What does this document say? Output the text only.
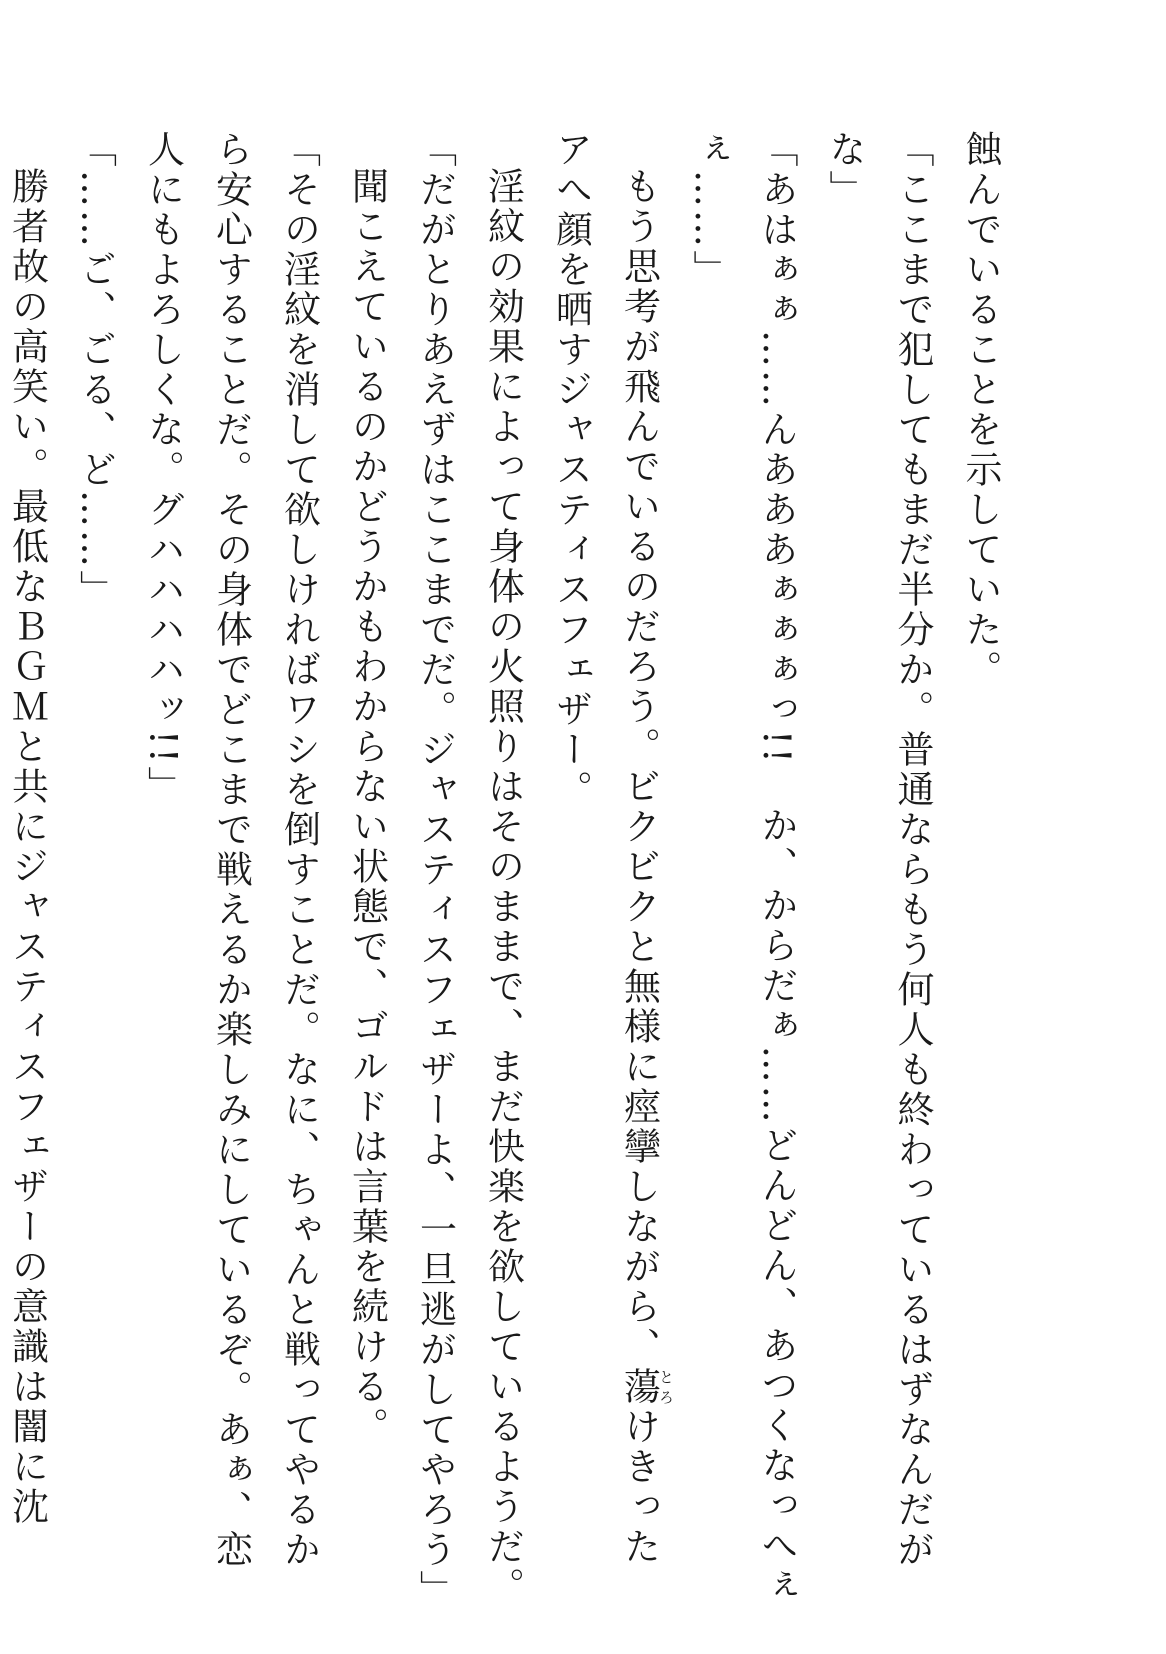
蝕んでいることを示していた。
「ここまで犯してもまだ半分か。普通ならもう何人も終わっているはずなんだが
な」
「あはぁぁ……んあああぁぁぁっ!!　か、からだぁ……どんどん、あつくなっへぇ
ぇ……」
もう思考が飛んでいるのだろう。ビクビクと無様に痙攣しながら、蕩とろけきった
アへ顔を晒すジャスティスフェザー。
淫紋の効果によって身体の火照りはそのままで、まだ快楽を欲しているようだ。
「だがとりあえずはここまでだ。ジャスティスフェザーよ、一旦逃がしてやろう」
聞こえているのかどうかもわからない状態で、ゴルドは言葉を続ける。
「その淫紋を消して欲しければワシを倒すことだ。なに、ちゃんと戦ってやるか
ら安心することだ。その身体でどこまで戦えるか楽しみにしているぞ。あぁ、恋
人にもよろしくな。グハハハハッ!!」
「……ご、ごる、ど……」
勝者故の高笑い。最低なＢＧＭと共にジャスティスフェザーの意識は闇に沈
